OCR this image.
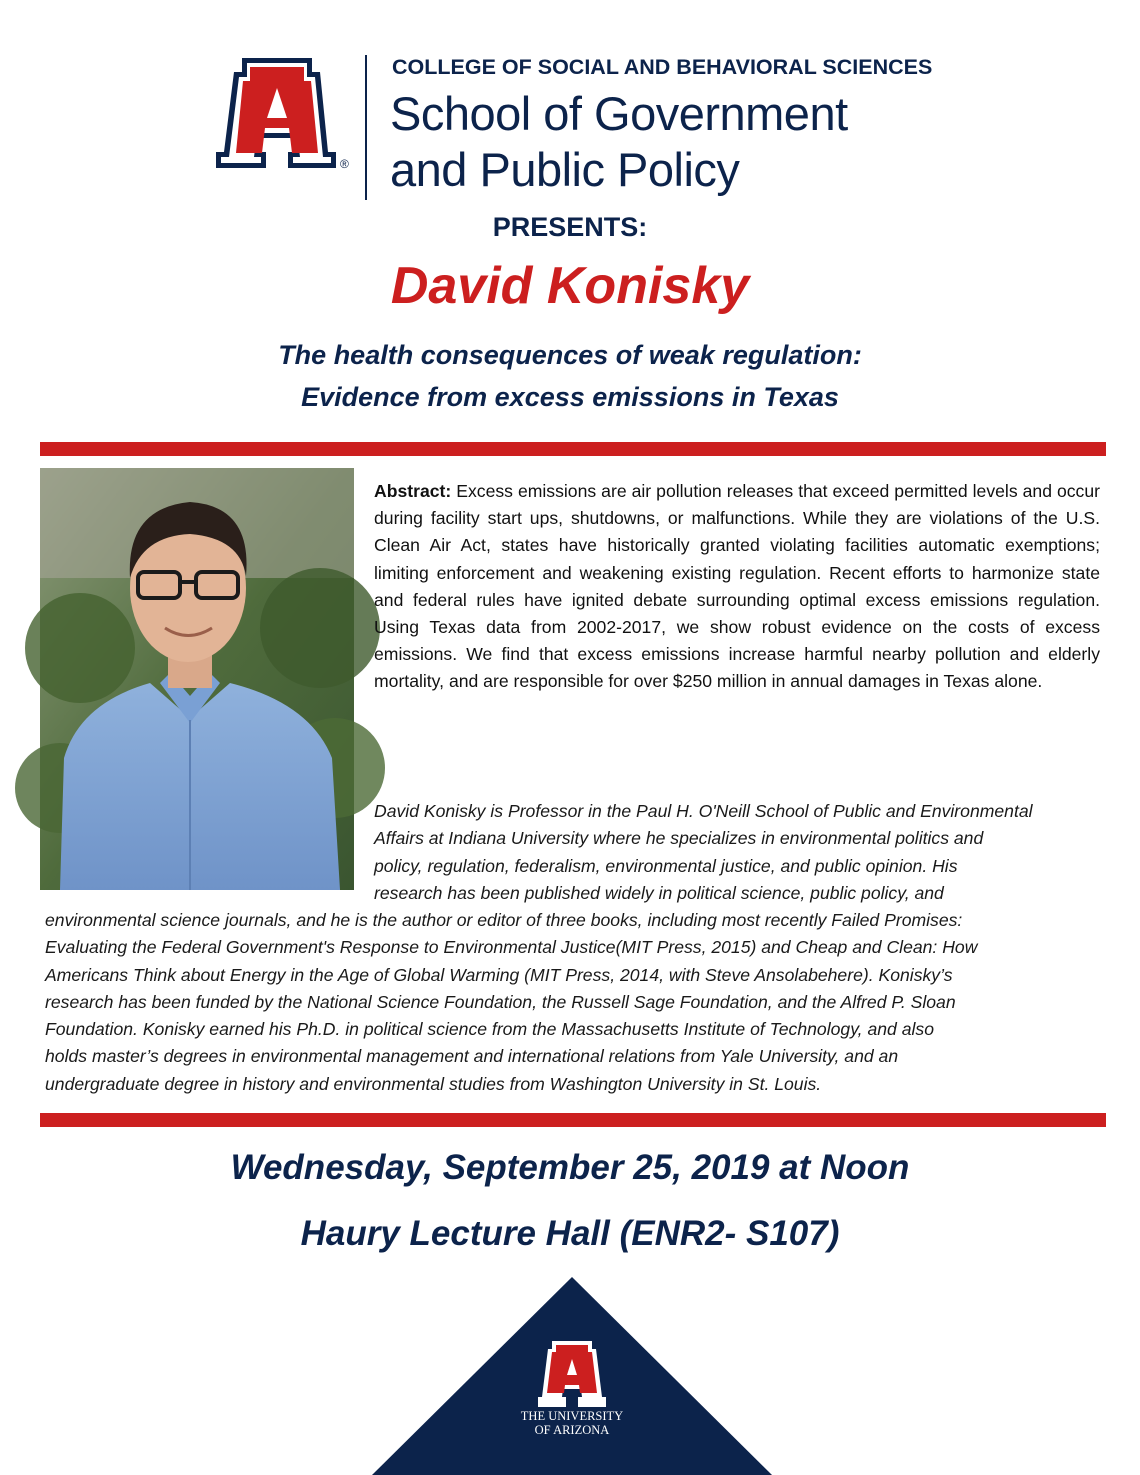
®
COLLEGE OF SOCIAL AND BEHAVIORAL SCIENCES
School of Government
and Public Policy
PRESENTS:
David Konisky
The health consequences of weak regulation:
Evidence from excess emissions in Texas
Abstract: Excess emissions are air pollution releases that exceed permitted levels and occur during facility start ups, shutdowns, or malfunctions. While they are violations of the U.S. Clean Air Act, states have historically granted violating facilities automatic exemptions; limiting enforcement and weakening existing regulation. Recent efforts to harmonize state and federal rules have ignited debate surrounding optimal excess emissions regulation. Using Texas data from 2002-2017, we show robust evidence on the costs of excess emissions. We find that excess emissions increase harmful nearby pollution and elderly mortality, and are responsible for over $250 million in annual damages in Texas alone.
David Konisky is Professor in the Paul H. O'Neill School of Public and Environmental
Affairs at Indiana University where he specializes in environmental politics and
policy, regulation, federalism, environmental justice, and public opinion. His
research has been published widely in political science, public policy, and
environmental science journals, and he is the author or editor of three books, including most recently Failed Promises:
Evaluating the Federal Government's Response to Environmental Justice(MIT Press, 2015) and Cheap and Clean: How
Americans Think about Energy in the Age of Global Warming (MIT Press, 2014, with Steve Ansolabehere). Konisky’s
research has been funded by the National Science Foundation, the Russell Sage Foundation, and the Alfred P. Sloan
Foundation. Konisky earned his Ph.D. in political science from the Massachusetts Institute of Technology, and also
holds master’s degrees in environmental management and international relations from Yale University, and an
undergraduate degree in history and environmental studies from Washington University in St. Louis.
Wednesday, September 25, 2019 at Noon
Haury Lecture Hall (ENR2- S107)
THE UNIVERSITY
OF ARIZONA
